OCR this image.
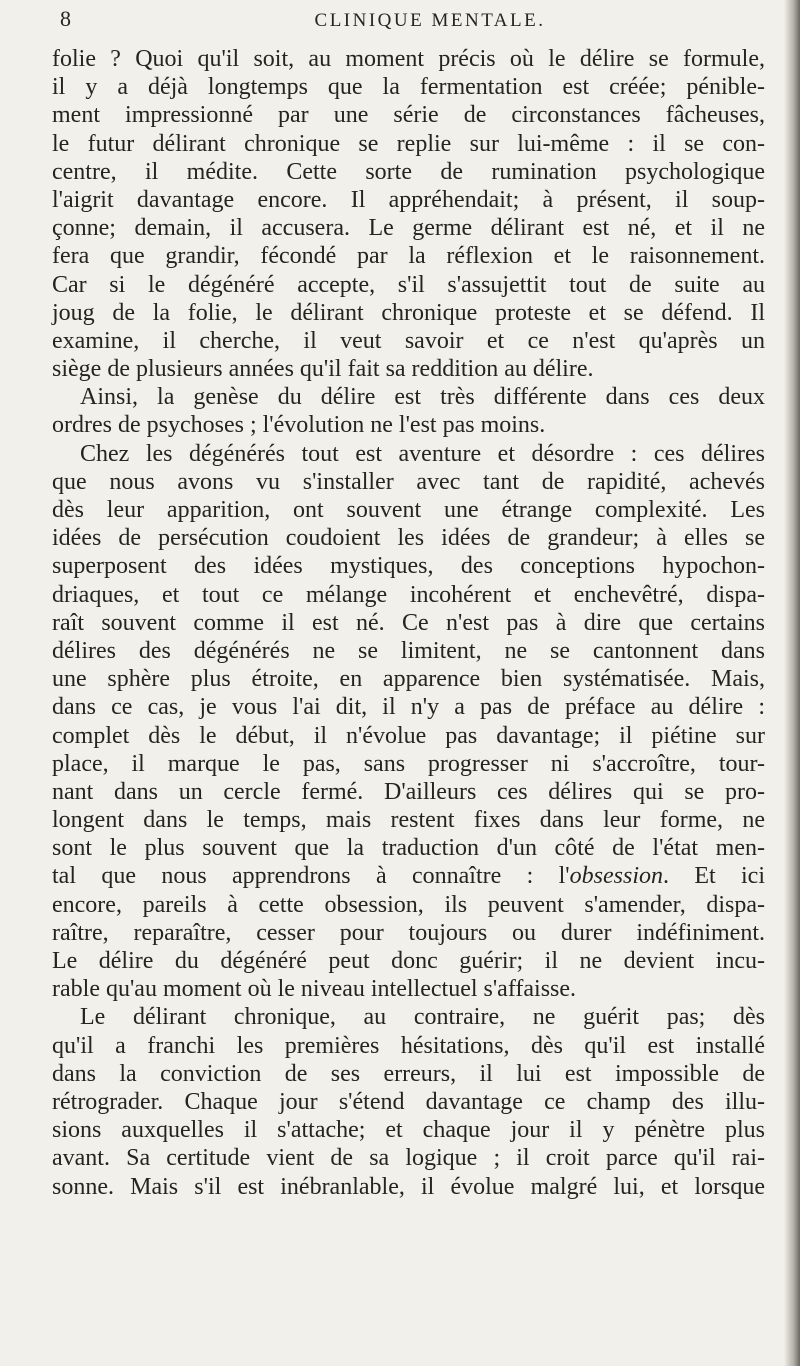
8	CLINIQUE MENTALE.
folie ? Quoi qu'il soit, au moment précis où le délire se formule,
il y a déjà longtemps que la fermentation est créée; pénible-
ment impressionné par une série de circonstances fâcheuses,
le futur délirant chronique se replie sur lui-même : il se con-
centre, il médite. Cette sorte de rumination psychologique
l'aigrit davantage encore. Il appréhendait; à présent, il soup-
çonne; demain, il accusera. Le germe délirant est né, et il ne
fera que grandir, fécondé par la réflexion et le raisonnement.
Car si le dégénéré accepte, s'il s'assujettit tout de suite au
joug de la folie, le délirant chronique proteste et se défend. Il
examine, il cherche, il veut savoir et ce n'est qu'après un
siège de plusieurs années qu'il fait sa reddition au délire.
Ainsi, la genèse du délire est très différente dans ces deux
ordres de psychoses ; l'évolution ne l'est pas moins.
Chez les dégénérés tout est aventure et désordre : ces délires
que nous avons vu s'installer avec tant de rapidité, achevés
dès leur apparition, ont souvent une étrange complexité. Les
idées de persécution coudoient les idées de grandeur; à elles se
superposent des idées mystiques, des conceptions hypochon-
driaques, et tout ce mélange incohérent et enchevêtré, dispa-
raît souvent comme il est né. Ce n'est pas à dire que certains
délires des dégénérés ne se limitent, ne se cantonnent dans
une sphère plus étroite, en apparence bien systématisée. Mais,
dans ce cas, je vous l'ai dit, il n'y a pas de préface au délire :
complet dès le début, il n'évolue pas davantage; il piétine sur
place, il marque le pas, sans progresser ni s'accroître, tour-
nant dans un cercle fermé. D'ailleurs ces délires qui se pro-
longent dans le temps, mais restent fixes dans leur forme, ne
sont le plus souvent que la traduction d'un côté de l'état men-
tal que nous apprendrons à connaître : l'obsession. Et ici
encore, pareils à cette obsession, ils peuvent s'amender, dispa-
raître, reparaître, cesser pour toujours ou durer indéfiniment.
Le délire du dégénéré peut donc guérir; il ne devient incu-
rable qu'au moment où le niveau intellectuel s'affaisse.
Le délirant chronique, au contraire, ne guérit pas; dès
qu'il a franchi les premières hésitations, dès qu'il est installé
dans la conviction de ses erreurs, il lui est impossible de
rétrograder. Chaque jour s'étend davantage ce champ des illu-
sions auxquelles il s'attache; et chaque jour il y pénètre plus
avant. Sa certitude vient de sa logique ; il croit parce qu'il rai-
sonne. Mais s'il est inébranlable, il évolue malgré lui, et lorsque
